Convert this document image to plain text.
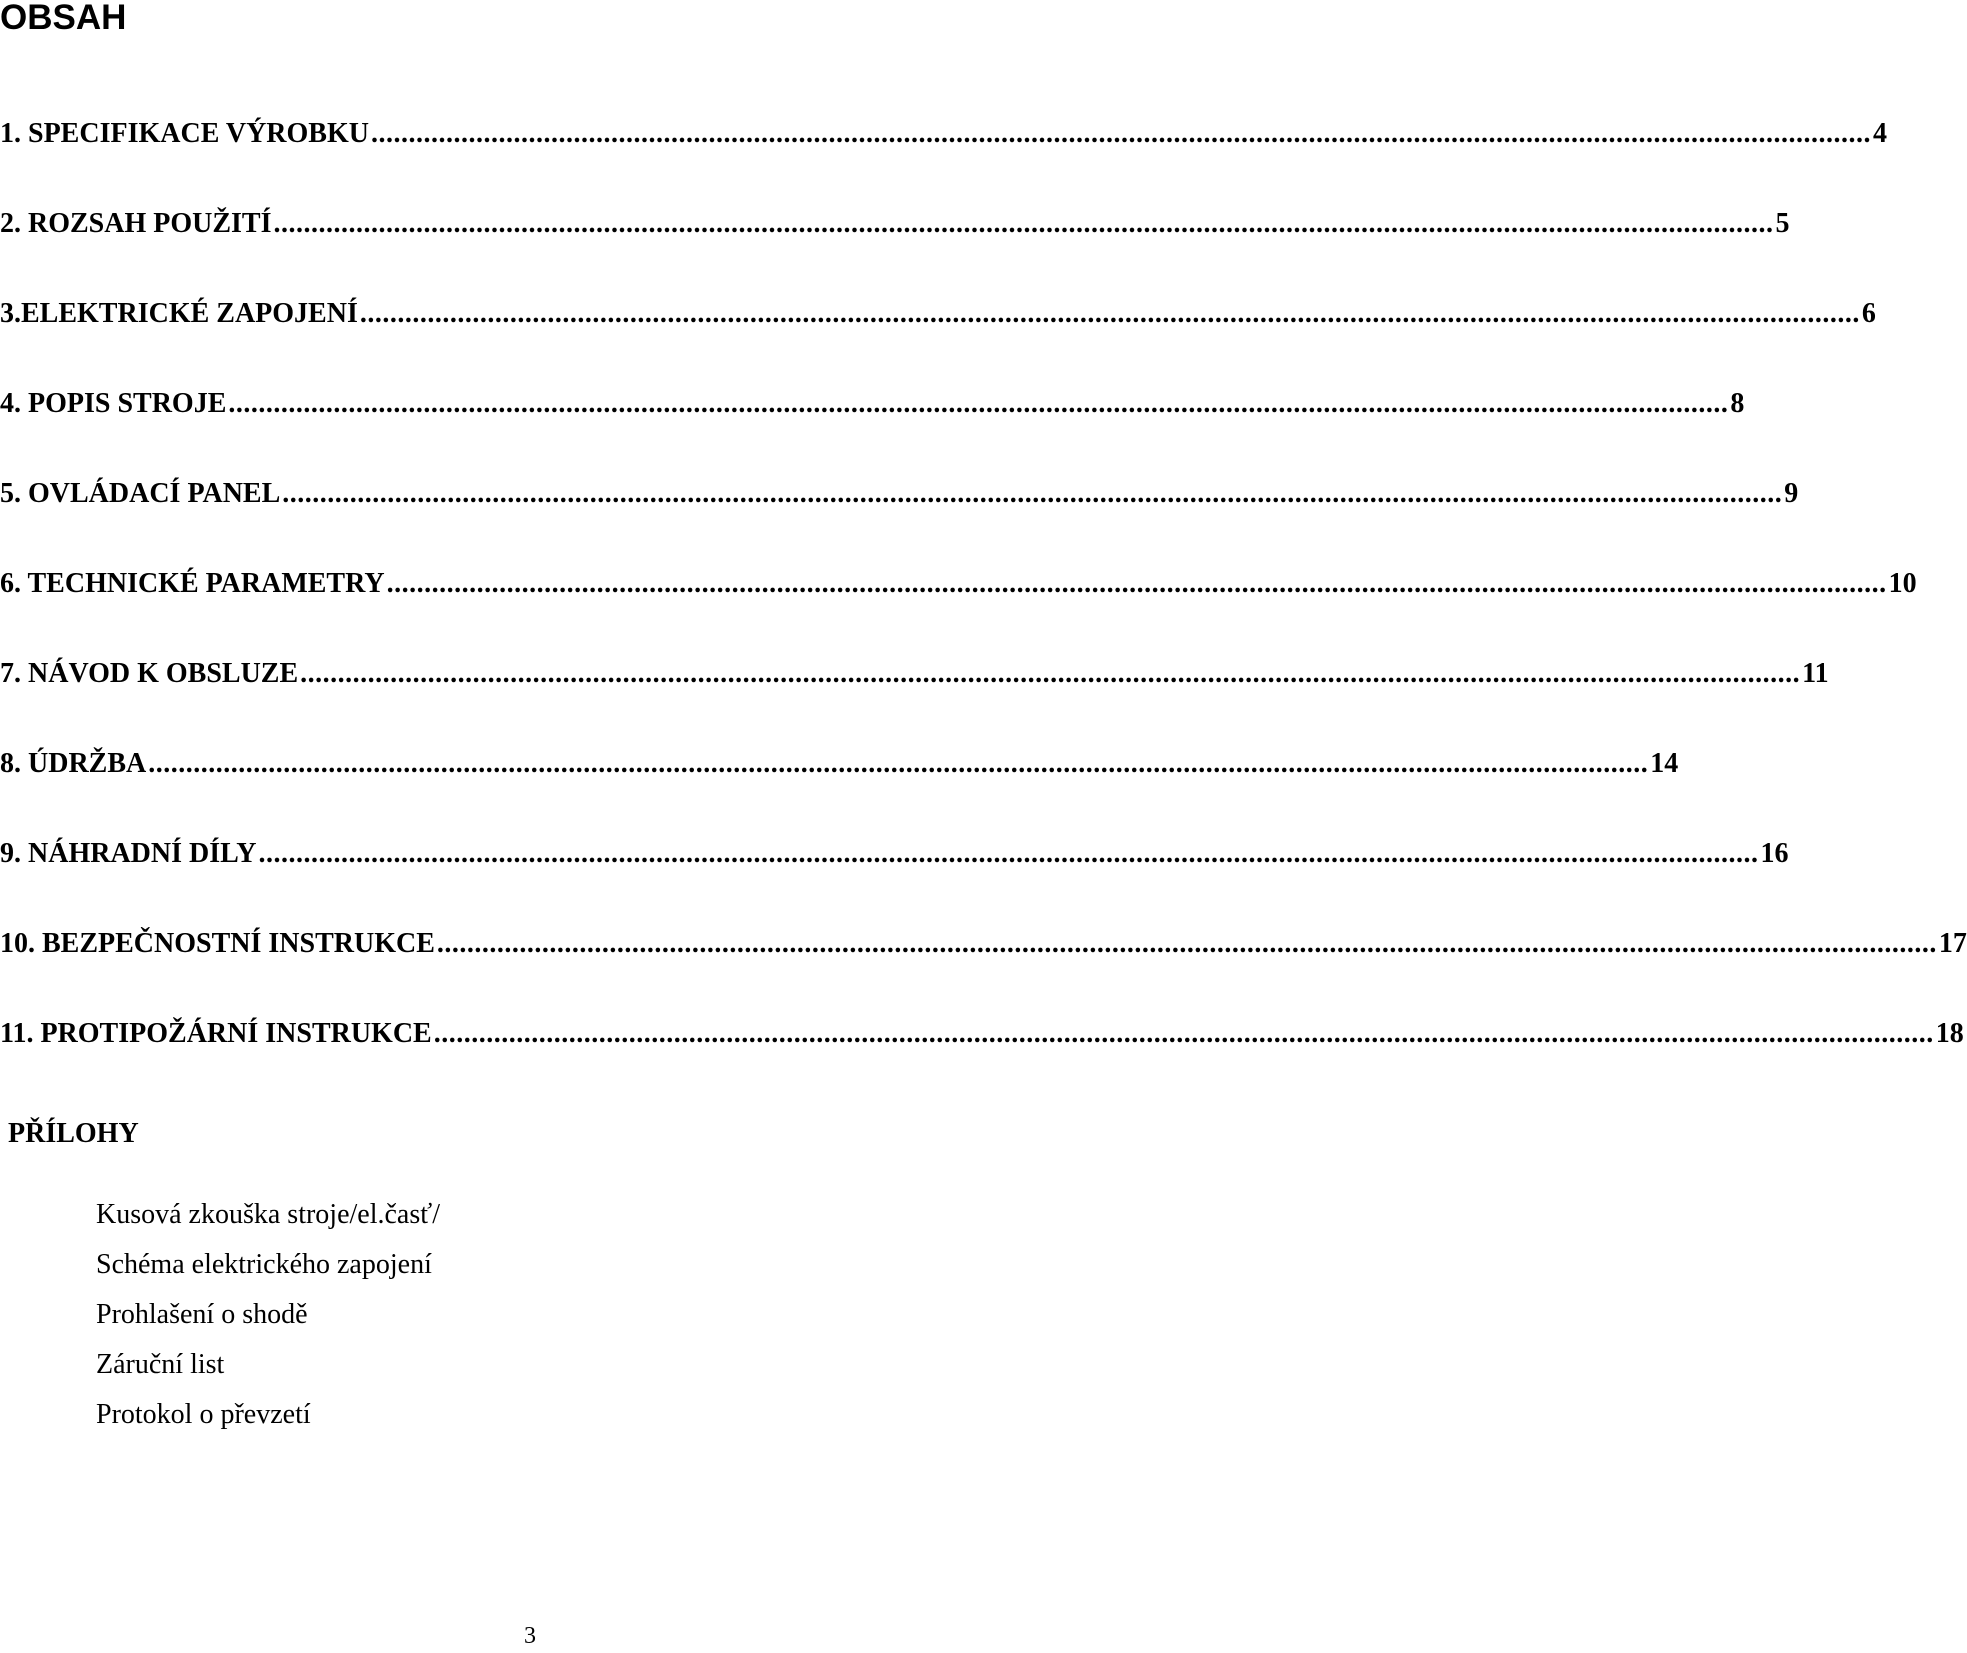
OBSAH
1. SPECIFIKACE VÝROBKU ........................................................................................................................................................................................................ 4
2. ROZSAH POUŽITÍ ........................................................................................................................................................................................................ 5
3.ELEKTRICKÉ ZAPOJENÍ ........................................................................................................................................................................................................ 6
4. POPIS STROJE ........................................................................................................................................................................................................ 8
5. OVLÁDACÍ PANEL ........................................................................................................................................................................................................ 9
6. TECHNICKÉ PARAMETRY ........................................................................................................................................................................................................ 10
7. NÁVOD K OBSLUZE ........................................................................................................................................................................................................ 11
8. ÚDRŽBA ........................................................................................................................................................................................................ 14
9. NÁHRADNÍ DÍLY ........................................................................................................................................................................................................ 16
10. BEZPEČNOSTNÍ INSTRUKCE ........................................................................................................................................................................................................ 17
11. PROTIPOŽÁRNÍ INSTRUKCE ........................................................................................................................................................................................................ 18
PŘÍLOHY
Kusová zkouška stroje/el.časť/
Schéma elektrického zapojení
Prohlašení o shodě
Záruční list
Protokol o převzetí
3
